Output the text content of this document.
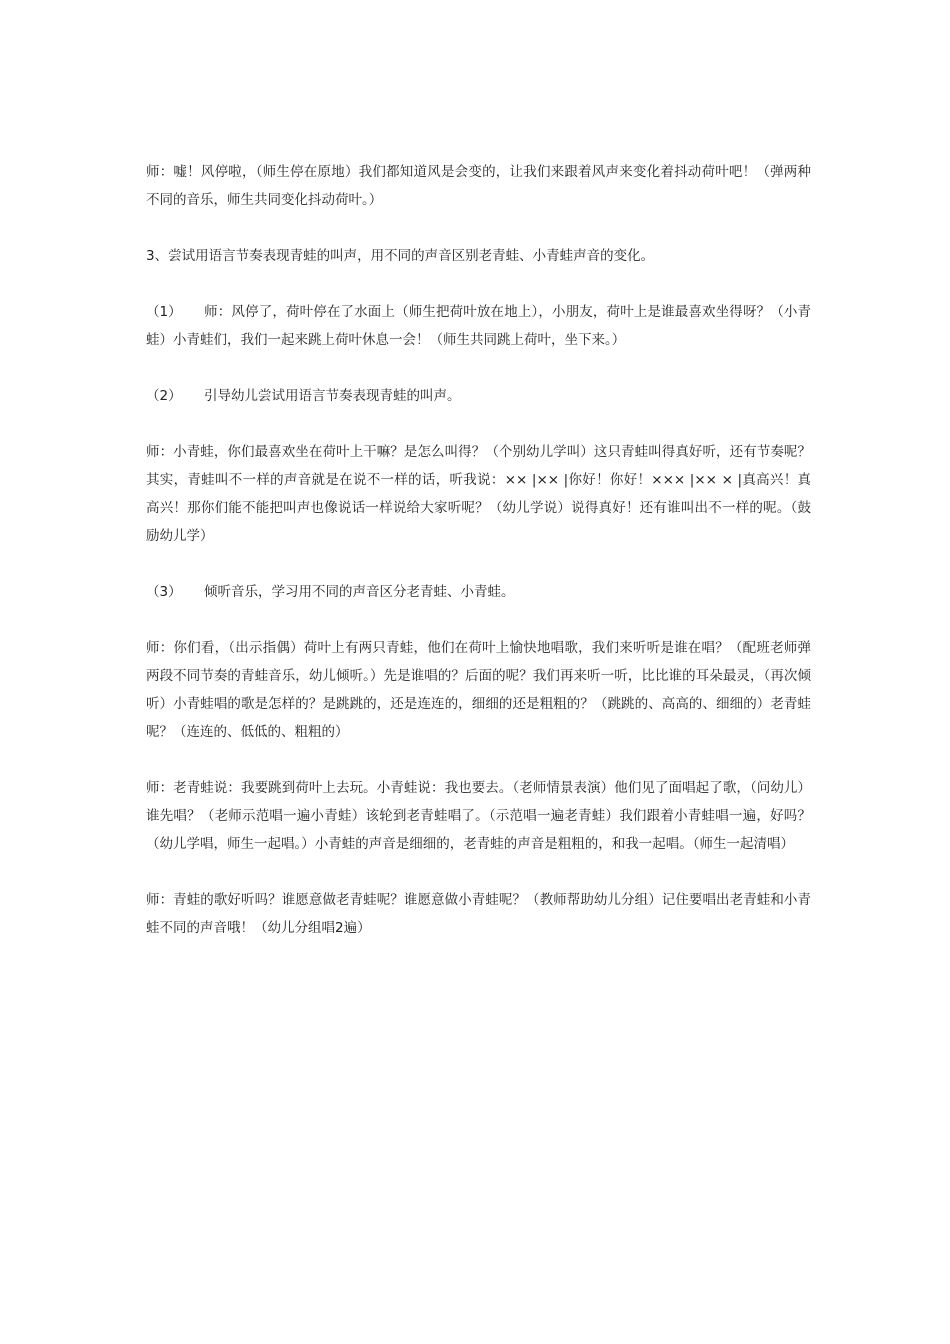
师：嘘！风停啦，（师生停在原地）我们都知道风是会变的，让我们来跟着风声来变化着抖动荷叶吧！（弹两种不同的音乐，师生共同变化抖动荷叶。）

3、尝试用语言节奏表现青蛙的叫声，用不同的声音区别老青蛙、小青蛙声音的变化。

（1） 师：风停了，荷叶停在了水面上（师生把荷叶放在地上），小朋友，荷叶上是谁最喜欢坐得呀？（小青蛙）小青蛙们，我们一起来跳上荷叶休息一会！（师生共同跳上荷叶，坐下来。）

（2） 引导幼儿尝试用语言节奏表现青蛙的叫声。

师：小青蛙，你们最喜欢坐在荷叶上干嘛？是怎么叫得？（个别幼儿学叫）这只青蛙叫得真好听，还有节奏呢？其实，青蛙叫不一样的声音就是在说不一样的话，听我说：×× |×× |你好！你好！××× |×× × |真高兴！真高兴！那你们能不能把叫声也像说话一样说给大家听呢？（幼儿学说）说得真好！还有谁叫出不一样的呢。（鼓励幼儿学）

（3） 倾听音乐，学习用不同的声音区分老青蛙、小青蛙。

师：你们看，（出示指偶）荷叶上有两只青蛙，他们在荷叶上愉快地唱歌，我们来听听是谁在唱？（配班老师弹两段不同节奏的青蛙音乐，幼儿倾听。）先是谁唱的？后面的呢？我们再来听一听，比比谁的耳朵最灵，（再次倾听）小青蛙唱的歌是怎样的？是跳跳的，还是连连的，细细的还是粗粗的？（跳跳的、高高的、细细的）老青蛙呢？（连连的、低低的、粗粗的）

师：老青蛙说：我要跳到荷叶上去玩。小青蛙说：我也要去。（老师情景表演）他们见了面唱起了歌，（问幼儿）谁先唱？（老师示范唱一遍小青蛙）该轮到老青蛙唱了。（示范唱一遍老青蛙）我们跟着小青蛙唱一遍，好吗？（幼儿学唱，师生一起唱。）小青蛙的声音是细细的，老青蛙的声音是粗粗的，和我一起唱。（师生一起清唱）

师：青蛙的歌好听吗？谁愿意做老青蛙呢？谁愿意做小青蛙呢？（教师帮助幼儿分组）记住要唱出老青蛙和小青蛙不同的声音哦！（幼儿分组唱2遍）
